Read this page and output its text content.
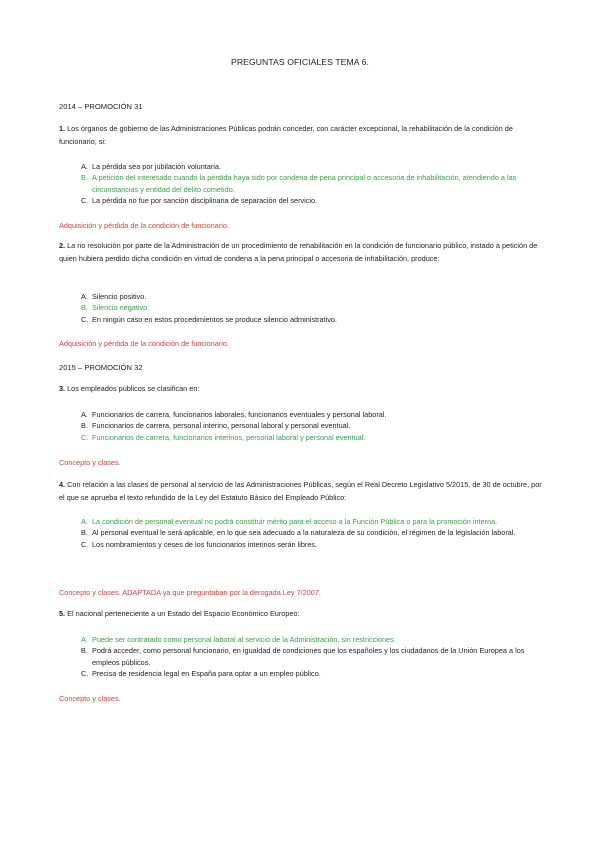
PREGUNTAS OFICIALES TEMA 6.
2014 – PROMOCIÓN 31
1. Los órganos de gobierno de las Administraciones Públicas podrán conceder, con carácter excepcional, la rehabilitación de la condición de funcionario, si:
A. La pérdida sea por jubilación voluntaria.
B. A petición del interesado cuando la pérdida haya sido por condena de pena principal o accesoria de inhabilitación, atendiendo a las circunstancias y entidad del delito cometido.
C. La pérdida no fue por sanción disciplinaria de separación del servicio.
Adquisición y pérdida de la condición de funcionario.
2. La no resolución por parte de la Administración de un procedimiento de rehabilitación en la condición de funcionario público, instado a petición de quien hubiera perdido dicha condición en virtud de condena a la pena principal o accesoria de inhabilitación, produce:
A. Silencio positivo.
B. Silencio negativo.
C. En ningún caso en estos procedimientos se produce silencio administrativo.
Adquisición y pérdida de la condición de funcionario.
2015 – PROMOCIÓN 32
3. Los empleados públicos se clasifican en:
A. Funcionarios de carrera, funcionarios laborales, funcionarios eventuales y personal laboral.
B. Funcionarios de carrera, personal interino, personal laboral y personal eventual.
C. Funcionarios de carrera, funcionarios interinos, personal laboral y personal eventual.
Concepto y clases.
4. Con relación a las clases de personal al servicio de las Administraciones Públicas, según el Real Decreto Legislativo 5/2015, de 30 de octubre, por el que se aprueba el texto refundido de la Ley del Estatuto Básico del Empleado Público:
A. La condición de personal eventual no podrá constituir mérito para el acceso a la Función Pública o para la promoción interna.
B. Al personal eventual le será aplicable, en lo que sea adecuado a la naturaleza de su condición, el régimen de la legislación laboral.
C. Los nombramientos y ceses de los funcionarios interinos serán libres.
Concepto y clases. ADAPTADA ya que preguntaban por la derogada Ley 7/2007.
5. El nacional perteneciente a un Estado del Espacio Económico Europeo:
A. Puede ser contratado como personal laboral al servicio de la Administración, sin restricciones.
B. Podrá acceder, como personal funcionario, en igualdad de condiciones que los españoles y los ciudadanos de la Unión Europea a los empleos públicos.
C. Precisa de residencia legal en España para optar a un empleo público.
Concepto y clases.
